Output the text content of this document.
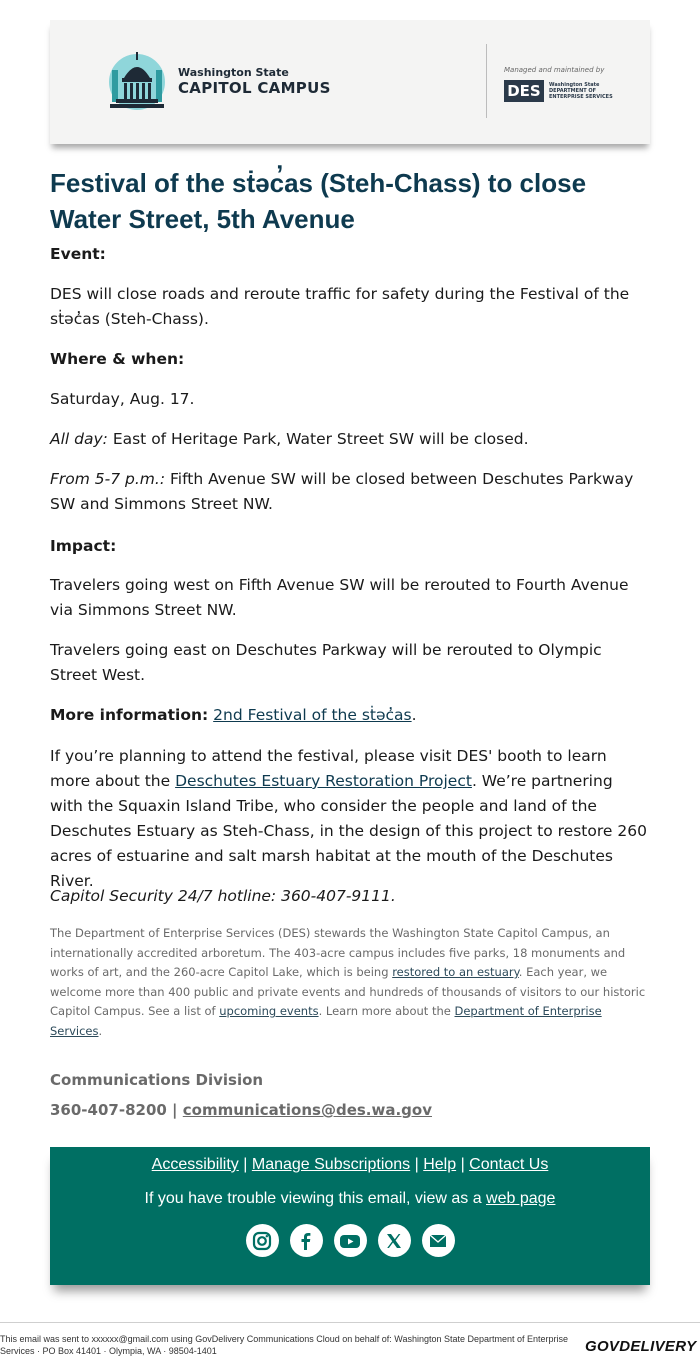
Washington State
CAPITOL CAMPUS
Managed and maintained by
DES	Washington State
DEPARTMENT OF
ENTERPRISE SERVICES
Festival of the sṫəc̓as (Steh-Chass) to close Water Street, 5th Avenue
Event:
DES will close roads and reroute traffic for safety during the Festival of the sṫəc̓as (Steh-Chass).
Where & when:
Saturday, Aug. 17.
All day: East of Heritage Park, Water Street SW will be closed.
From 5-7 p.m.: Fifth Avenue SW will be closed between Deschutes Parkway SW and Simmons Street NW.
Impact:
Travelers going west on Fifth Avenue SW will be rerouted to Fourth Avenue via Simmons Street NW.
Travelers going east on Deschutes Parkway will be rerouted to Olympic Street West.
More information: 2nd Festival of the sṫəc̓as.
If you’re planning to attend the festival, please visit DES' booth to learn more about the Deschutes Estuary Restoration Project. We’re partnering with the Squaxin Island Tribe, who consider the people and land of the Deschutes Estuary as Steh-Chass, in the design of this project to restore 260 acres of estuarine and salt marsh habitat at the mouth of the Deschutes River.
Capitol Security 24/7 hotline: 360-407-9111.
The Department of Enterprise Services (DES) stewards the Washington State Capitol Campus, an internationally accredited arboretum. The 403-acre campus includes five parks, 18 monuments and works of art, and the 260-acre Capitol Lake, which is being restored to an estuary. Each year, we welcome more than 400 public and private events and hundreds of thousands of visitors to our historic Capitol Campus. See a list of upcoming events. Learn more about the Department of Enterprise Services.
Communications Division
360-407-8200 | communications@des.wa.gov
Accessibility | Manage Subscriptions | Help | Contact Us
If you have trouble viewing this email, view as a web page
This email was sent to xxxxxx@gmail.com using GovDelivery Communications Cloud on behalf of: Washington State Department of Enterprise Services · PO Box 41401 · Olympia, WA · 98504-1401	GOVDELIVERY
